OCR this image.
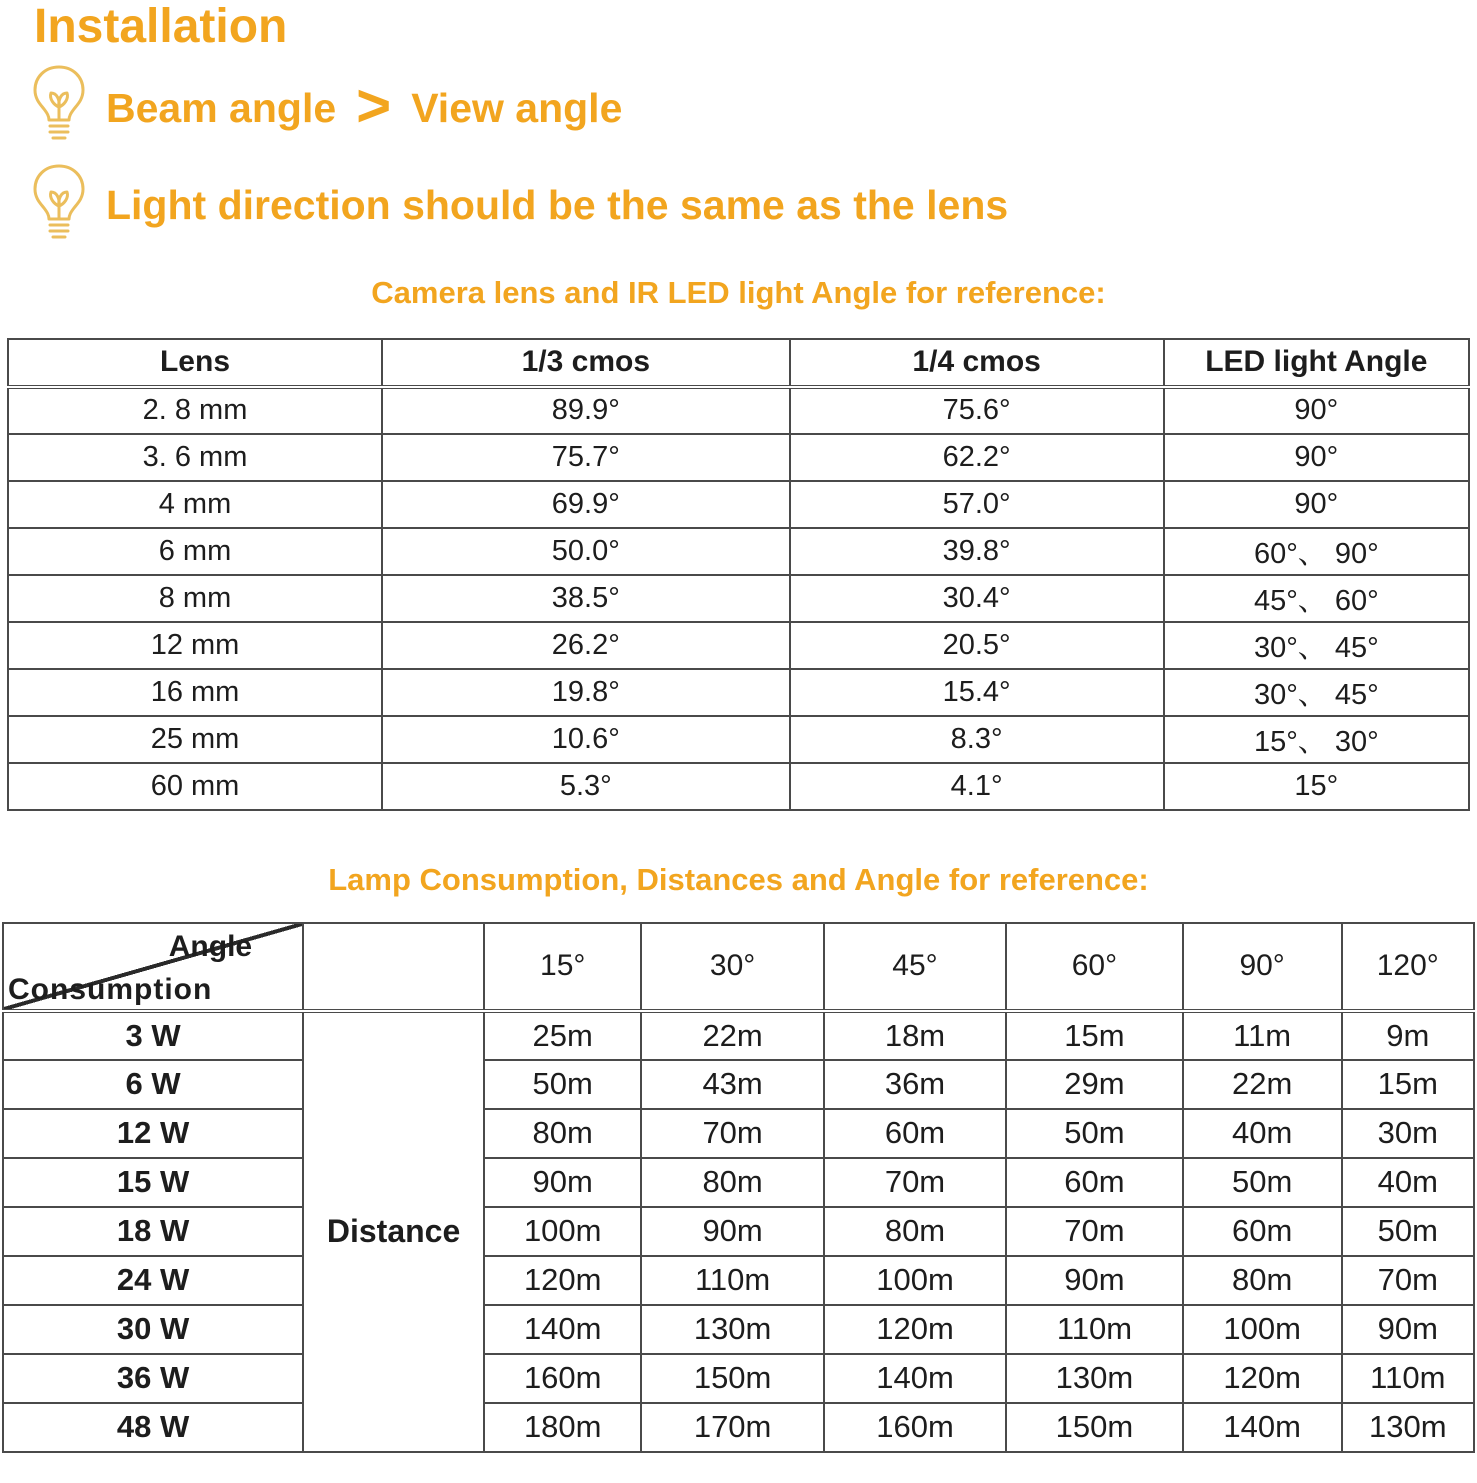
Installation
Beam angle > View angle
Light direction should be the same as the lens
Camera lens and IR LED light Angle for reference:
Lens	1/3 cmos	1/4 cmos	LED light Angle
2. 8 mm	89.9°	75.6°	90°
3. 6 mm	75.7°	62.2°	90°
4 mm	69.9°	57.0°	90°
6 mm	50.0°	39.8°	60°、 90°
8 mm	38.5°	30.4°	45°、 60°
12 mm	26.2°	20.5°	30°、 45°
16 mm	19.8°	15.4°	30°、 45°
25 mm	10.6°	8.3°	15°、 30°
60 mm	5.3°	4.1°	15°
Lamp Consumption, Distances and Angle for reference:
Angle
Consumption		15°	30°	45°	60°	90°	120°
3 W	Distance	25m	22m	18m	15m	11m	9m
6 W		50m	43m	36m	29m	22m	15m
12 W		80m	70m	60m	50m	40m	30m
15 W		90m	80m	70m	60m	50m	40m
18 W		100m	90m	80m	70m	60m	50m
24 W		120m	110m	100m	90m	80m	70m
30 W		140m	130m	120m	110m	100m	90m
36 W		160m	150m	140m	130m	120m	110m
48 W		180m	170m	160m	150m	140m	130m
